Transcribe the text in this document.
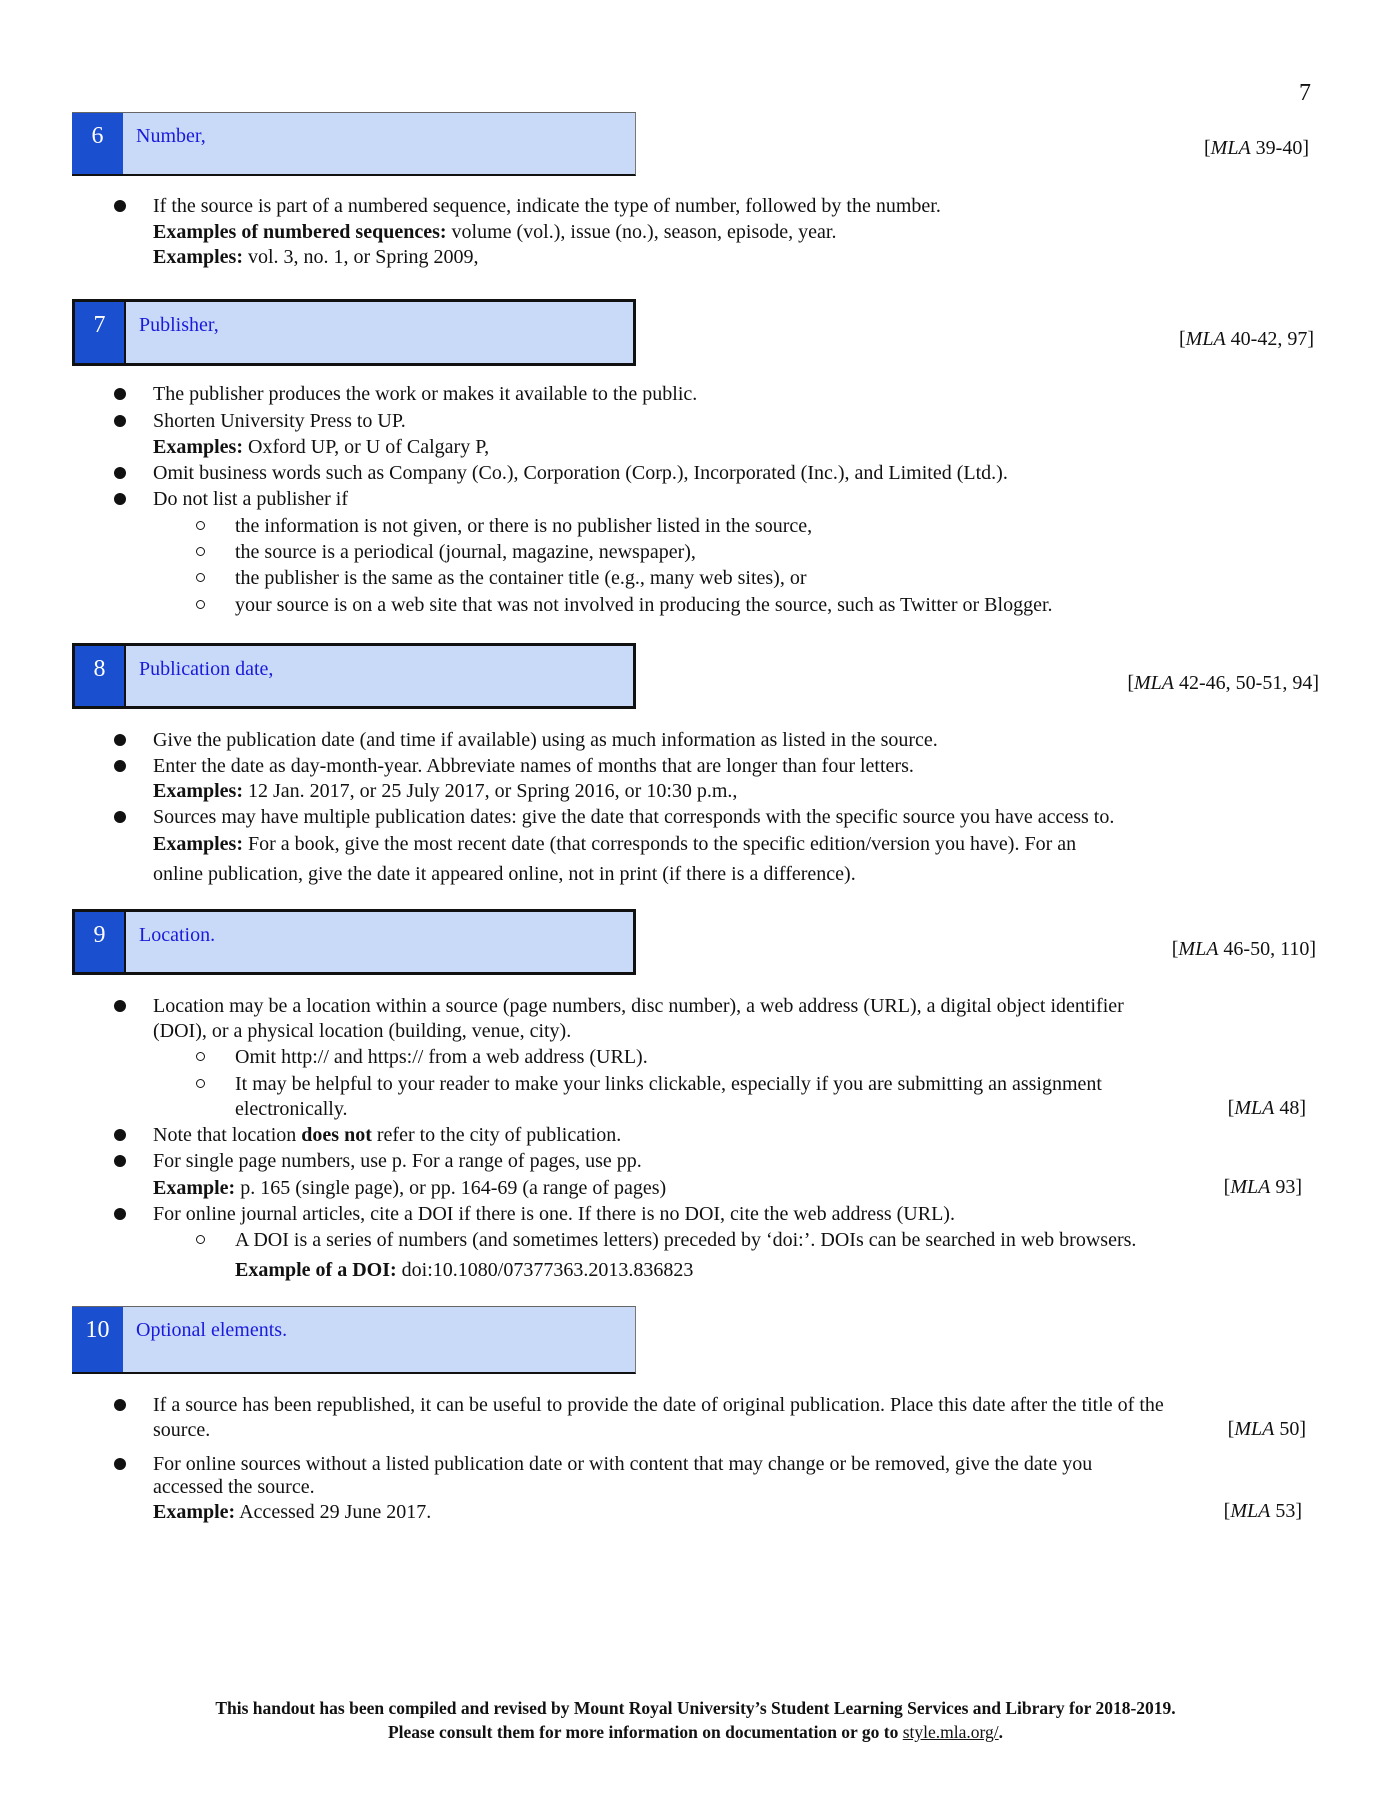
7
6	Number,
[MLA 39-40]
If the source is part of a numbered sequence, indicate the type of number, followed by the number.
Examples of numbered sequences: volume (vol.), issue (no.), season, episode, year.
Examples: vol. 3, no. 1, or Spring 2009,
7	Publisher,
[MLA 40-42, 97]
The publisher produces the work or makes it available to the public.
Shorten University Press to UP.
Examples: Oxford UP, or U of Calgary P,
Omit business words such as Company (Co.), Corporation (Corp.), Incorporated (Inc.), and Limited (Ltd.).
Do not list a publisher if
the information is not given, or there is no publisher listed in the source,
the source is a periodical (journal, magazine, newspaper),
the publisher is the same as the container title (e.g., many web sites), or
your source is on a web site that was not involved in producing the source, such as Twitter or Blogger.
8	Publication date,
[MLA 42-46, 50-51, 94]
Give the publication date (and time if available) using as much information as listed in the source.
Enter the date as day-month-year. Abbreviate names of months that are longer than four letters.
Examples: 12 Jan. 2017, or 25 July 2017, or Spring 2016, or 10:30 p.m.,
Sources may have multiple publication dates: give the date that corresponds with the specific source you have access to.
Examples: For a book, give the most recent date (that corresponds to the specific edition/version you have). For an
online publication, give the date it appeared online, not in print (if there is a difference).
9	Location.
[MLA 46-50, 110]
Location may be a location within a source (page numbers, disc number), a web address (URL), a digital object identifier
(DOI), or a physical location (building, venue, city).
Omit http:// and https:// from a web address (URL).
It may be helpful to your reader to make your links clickable, especially if you are submitting an assignment
electronically.	[MLA 48]
Note that location does not refer to the city of publication.
For single page numbers, use p. For a range of pages, use pp.
Example: p. 165 (single page), or pp. 164-69 (a range of pages)	[MLA 93]
For online journal articles, cite a DOI if there is one. If there is no DOI, cite the web address (URL).
A DOI is a series of numbers (and sometimes letters) preceded by ‘doi:’. DOIs can be searched in web browsers.
Example of a DOI: doi:10.1080/07377363.2013.836823
10	Optional elements.
If a source has been republished, it can be useful to provide the date of original publication. Place this date after the title of the
source.	[MLA 50]
For online sources without a listed publication date or with content that may change or be removed, give the date you
accessed the source.
Example: Accessed 29 June 2017.	[MLA 53]
This handout has been compiled and revised by Mount Royal University’s Student Learning Services and Library for 2018-2019.
Please consult them for more information on documentation or go to style.mla.org/.
